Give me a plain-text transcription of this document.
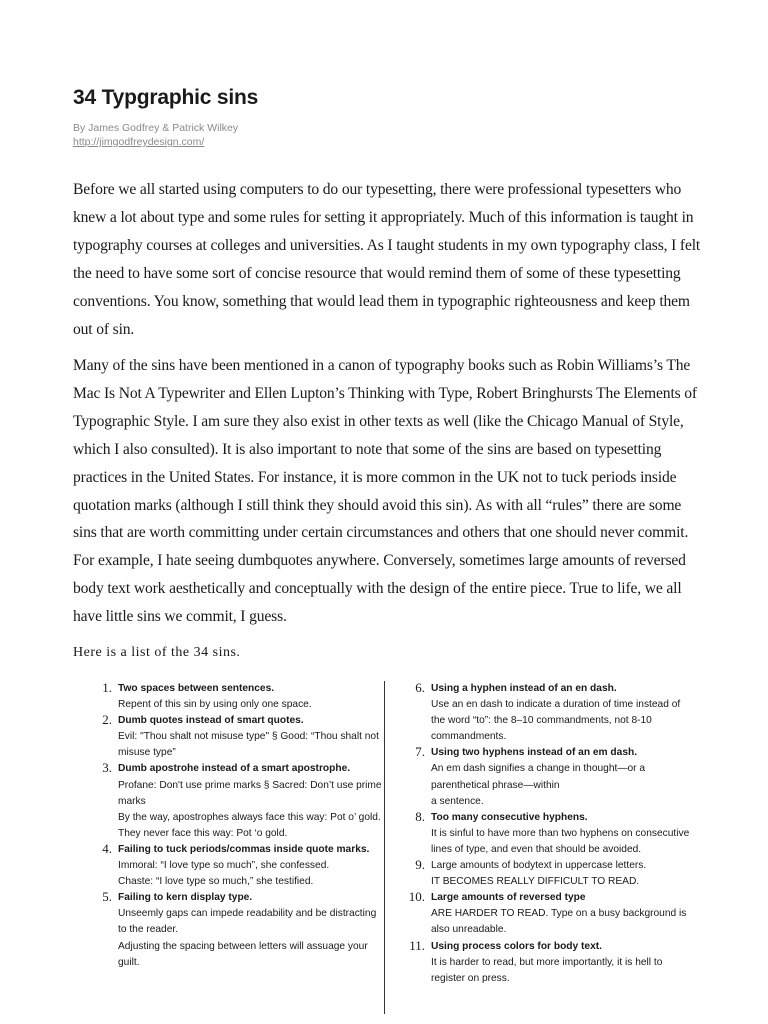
34 Typgraphic sins
By James Godfrey & Patrick Wilkey
http://jimgodfreydesign.com/

Before we all started using computers to do our typesetting, there were professional typesetters who knew a lot about type and some rules for setting it appropriately. Much of this information is taught in typography courses at colleges and universities. As I taught students in my own typography class, I felt the need to have some sort of concise resource that would remind them of some of these typesetting conventions. You know, something that would lead them in typographic righteousness and keep them out of sin.

Many of the sins have been mentioned in a canon of typography books such as Robin Williams’s The Mac Is Not A Typewriter and Ellen Lupton’s Thinking with Type, Robert Bringhursts The Elements of Typographic Style. I am sure they also exist in other texts as well (like the Chicago Manual of Style, which I also consulted). It is also important to note that some of the sins are based on typesetting practices in the United States. For instance, it is more common in the UK not to tuck periods inside quotation marks (although I still think they should avoid this sin). As with all “rules” there are some sins that are worth committing under certain circumstances and others that one should never commit. For example, I hate seeing dumbquotes anywhere. Conversely, sometimes large amounts of reversed body text work aesthetically and conceptually with the design of the entire piece. True to life, we all have little sins we commit, I guess.

Here is a list of the 34 sins.

1. Two spaces between sentences.
Repent of this sin by using only one space.
2. Dumb quotes instead of smart quotes.
Evil: "Thou shalt not misuse type" § Good: “Thou shalt not misuse type”
3. Dumb apostrohe instead of a smart apostrophe.
Profane: Don't use prime marks § Sacred: Don’t use prime marks
By the way, apostrophes always face this way: Pot o’ gold.
They never face this way: Pot ‘o gold.
4. Failing to tuck periods/commas inside quote marks.
Immoral: “I love type so much”, she confessed.
Chaste: “I love type so much,” she testified.
5. Failing to kern display type.
Unseemly gaps can impede readability and be distracting to the reader.
Adjusting the spacing between letters will assuage your guilt.
6. Using a hyphen instead of an en dash.
Use an en dash to indicate a duration of time instead of the word “to”: the 8–10 commandments, not 8-10 commandments.
7. Using two hyphens instead of an em dash.
An em dash signifies a change in thought—or a parenthetical phrase—within
a sentence.
8. Too many consecutive hyphens.
It is sinful to have more than two hyphens on consecutive lines of type, and even that should be avoided.
9. Large amounts of bodytext in uppercase letters.
IT BECOMES REALLY DIFFICULT TO READ.
10. Large amounts of reversed type
ARE HARDER TO READ. Type on a busy background is also unreadable.
11. Using process colors for body text.
It is harder to read, but more importantly, it is hell to register on press.
